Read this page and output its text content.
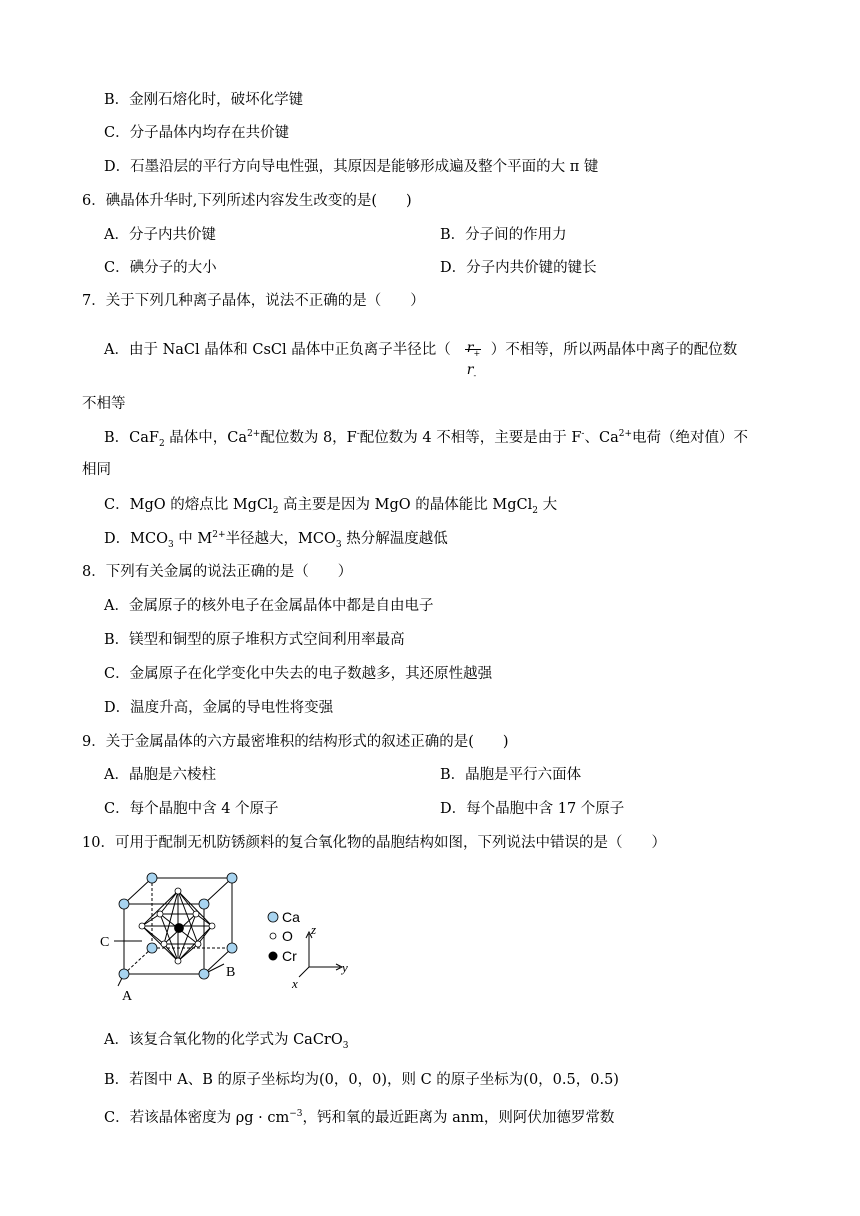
B．金刚石熔化时，破坏化学键
C．分子晶体内均存在共价键
D．石墨沿层的平行方向导电性强，其原因是能够形成遍及整个平面的大 π 键
6．碘晶体升华时,下列所述内容发生改变的是(　　)
A．分子内共价键	B．分子间的作用力
C．碘分子的大小	D．分子内共价键的键长
7．关于下列几种离子晶体，说法不正确的是（　　）
A．由于 NaCl 晶体和 CsCl 晶体中正负离子半径比（ $r_+$
$r_-$
）不相等，所以两晶体中离子的配位数
不相等
B．CaF$_2$ 晶体中，$Ca^{2+}$配位数为 8，F-配位数为 4 不相等，主要是由于 F-、$Ca^{2+}$电荷（绝对值）不
相同
C．MgO 的熔点比 MgCl$_2$ 高主要是因为 MgO 的晶体能比 MgCl$_2$ 大
D．$MCO_3$ 中 $M^{2+}$半径越大，$MCO_3$ 热分解温度越低
8．下列有关金属的说法正确的是（　　）
A．金属原子的核外电子在金属晶体中都是自由电子
B．镁型和铜型的原子堆积方式空间利用率最高
C．金属原子在化学变化中失去的电子数越多，其还原性越强
D．温度升高，金属的导电性将变强
9．关于金属晶体的六方最密堆积的结构形式的叙述正确的是(　　)
A．晶胞是六棱柱	B．晶胞是平行六面体
C．每个晶胞中含 4 个原子	D．每个晶胞中含 17 个原子
10．可用于配制无机防锈颜料的复合氧化物的晶胞结构如图，下列说法中错误的是（　　）
C
B
A
Ca
O
Cr
z
y
x
A．该复合氧化物的化学式为 CaCrO$_3$
B．若图中 A、B 的原子坐标均为(0，0，0)，则 C 的原子坐标为(0，0.5，0.5)
C．若该晶体密度为 $\rho g \cdot cm^{-3}$，钙和氧的最近距离为 anm，则阿伏加德罗常数
